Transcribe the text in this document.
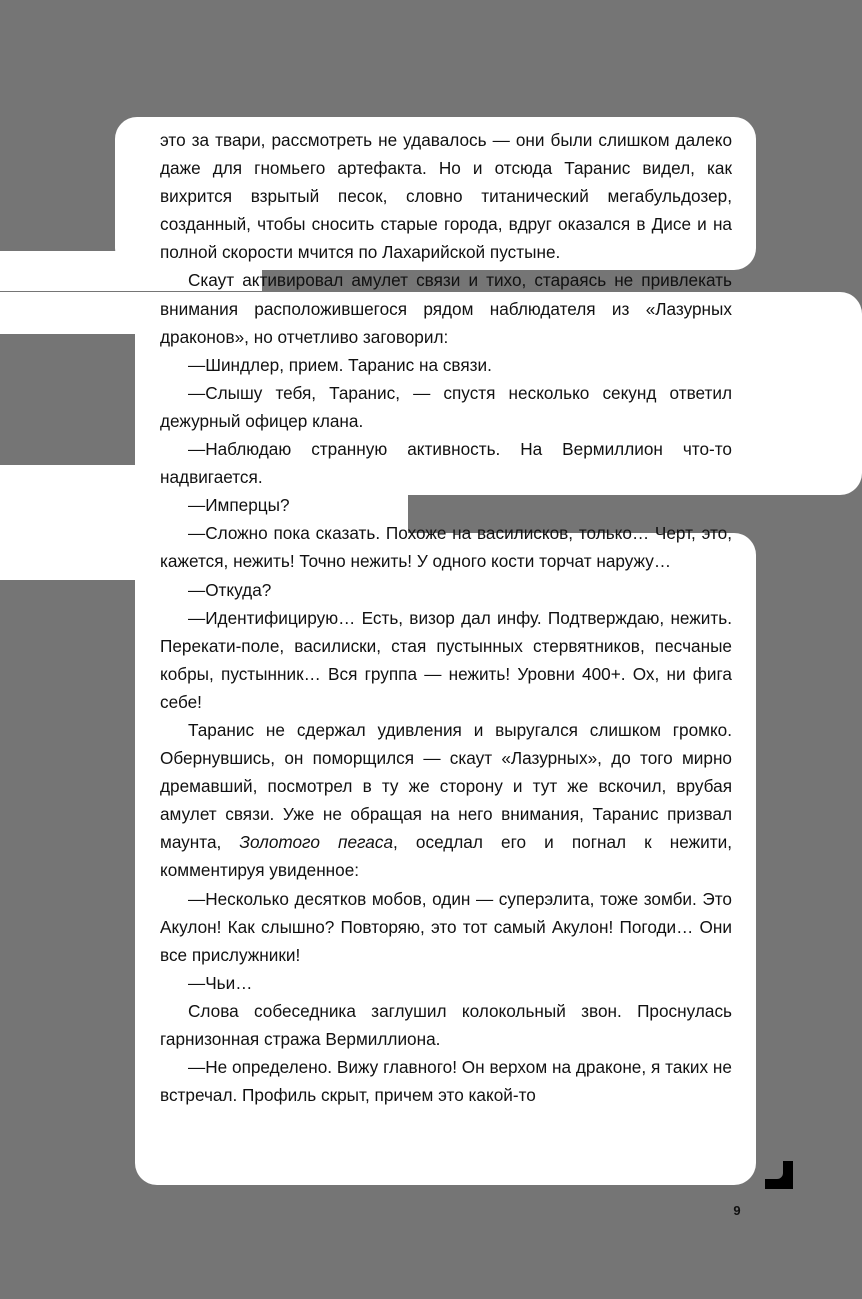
это за твари, рассмотреть не удавалось — они были слишком далеко даже для гномьего артефакта. Но и отсюда Таранис видел, как вихрится взрытый песок, словно титанический мегабульдозер, созданный, чтобы сносить старые города, вдруг оказался в Дисе и на полной скорости мчится по Лахарийской пустыне.

Скаут активировал амулет связи и тихо, стараясь не привлекать внимания расположившегося рядом наблюдателя из «Лазурных драконов», но отчетливо заговорил:

—Шиндлер, прием. Таранис на связи.

—Слышу тебя, Таранис, — спустя несколько секунд ответил дежурный офицер клана.

—Наблюдаю странную активность. На Вермиллион что-то надвигается.

—Имперцы?

—Сложно пока сказать. Похоже на василисков, только… Черт, это, кажется, нежить! Точно нежить! У одного кости торчат наружу…

—Откуда?

—Идентифицирую… Есть, визор дал инфу. Подтверждаю, нежить. Перекати-поле, василиски, стая пустынных стервятников, песчаные кобры, пустынник… Вся группа — нежить! Уровни 400+. Ох, ни фига себе!

Таранис не сдержал удивления и выругался слишком громко. Обернувшись, он поморщился — скаут «Лазурных», до того мирно дремавший, посмотрел в ту же сторону и тут же вскочил, врубая амулет связи. Уже не обращая на него внимания, Таранис призвал маунта, Золотого пегаса, оседлал его и погнал к нежити, комментируя увиденное:

—Несколько десятков мобов, один — суперэлита, тоже зомби. Это Акулон! Как слышно? Повторяю, это тот самый Акулон! Погоди… Они все прислужники!

—Чьи…

Слова собеседника заглушил колокольный звон. Проснулась гарнизонная стража Вермиллиона.

—Не определено. Вижу главного! Он верхом на драконе, я таких не встречал. Профиль скрыт, причем это какой-то

9
